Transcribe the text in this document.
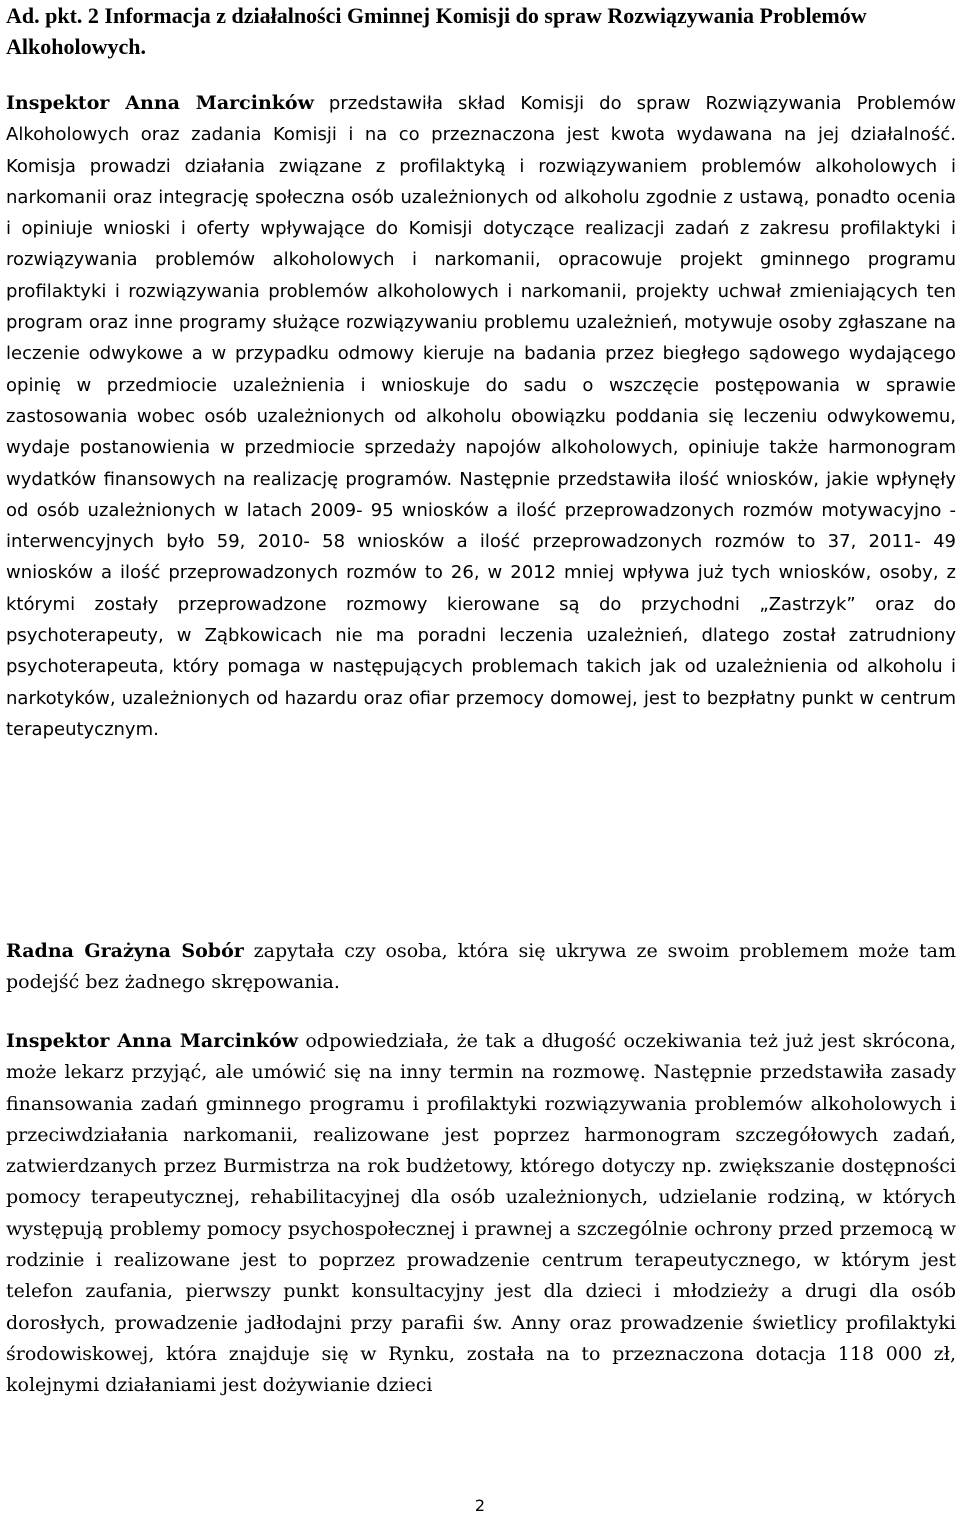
Ad. pkt. 2 Informacja z działalności Gminnej Komisji do spraw Rozwiązywania Problemów Alkoholowych.
Inspektor Anna Marcinków przedstawiła skład Komisji do spraw Rozwiązywania Problemów Alkoholowych oraz zadania Komisji i na co przeznaczona jest kwota wydawana na jej działalność. Komisja prowadzi działania związane z profilaktyką i rozwiązywaniem problemów alkoholowych i narkomanii oraz integrację społeczna osób uzależnionych od alkoholu zgodnie z ustawą, ponadto ocenia i opiniuje wnioski i oferty wpływające do Komisji dotyczące realizacji zadań z zakresu profilaktyki i rozwiązywania problemów alkoholowych i narkomanii, opracowuje projekt gminnego programu profilaktyki i rozwiązywania problemów alkoholowych i narkomanii, projekty uchwał zmieniających ten program oraz inne programy służące rozwiązywaniu problemu uzależnień, motywuje osoby zgłaszane na leczenie odwykowe a w przypadku odmowy kieruje na badania przez biegłego sądowego wydającego opinię w przedmiocie uzależnienia i wnioskuje do sadu o wszczęcie postępowania w sprawie zastosowania wobec osób uzależnionych od alkoholu obowiązku poddania się leczeniu odwykowemu, wydaje postanowienia w przedmiocie sprzedaży napojów alkoholowych, opiniuje także harmonogram wydatków finansowych na realizację programów. Następnie przedstawiła ilość wniosków, jakie wpłynęły od osób uzależnionych w latach 2009- 95 wniosków a ilość przeprowadzonych rozmów motywacyjno -interwencyjnych było 59, 2010- 58 wniosków a ilość przeprowadzonych rozmów to 37, 2011- 49 wniosków a ilość przeprowadzonych rozmów to 26, w 2012 mniej wpływa już tych wniosków, osoby, z którymi zostały przeprowadzone rozmowy kierowane są do przychodni „Zastrzyk” oraz do psychoterapeuty, w Ząbkowicach nie ma poradni leczenia uzależnień, dlatego został zatrudniony psychoterapeuta, który pomaga w następujących problemach takich jak od uzależnienia od alkoholu i narkotyków, uzależnionych od hazardu oraz ofiar przemocy domowej, jest to bezpłatny punkt w centrum terapeutycznym.
Radna Grażyna Sobór zapytała czy osoba, która się ukrywa ze swoim problemem może tam podejść bez żadnego skrępowania.
Inspektor Anna Marcinków odpowiedziała, że tak a długość oczekiwania też już jest skrócona, może lekarz przyjąć, ale umówić się na inny termin na rozmowę. Następnie przedstawiła zasady finansowania zadań gminnego programu i profilaktyki rozwiązywania problemów alkoholowych i przeciwdziałania narkomanii, realizowane jest poprzez harmonogram szczegółowych zadań, zatwierdzanych przez Burmistrza na rok budżetowy, którego dotyczy np. zwiększanie dostępności pomocy terapeutycznej, rehabilitacyjnej dla osób uzależnionych, udzielanie rodziną, w których występują problemy pomocy psychospołecznej i prawnej a szczególnie ochrony przed przemocą w rodzinie i realizowane jest to poprzez prowadzenie centrum terapeutycznego, w którym jest telefon zaufania, pierwszy punkt konsultacyjny jest dla dzieci i młodzieży a drugi dla osób dorosłych, prowadzenie jadłodajni przy parafii św. Anny oraz prowadzenie świetlicy profilaktyki środowiskowej, która znajduje się w Rynku, została na to przeznaczona dotacja 118 000 zł, kolejnymi działaniami jest dożywianie dzieci
2
